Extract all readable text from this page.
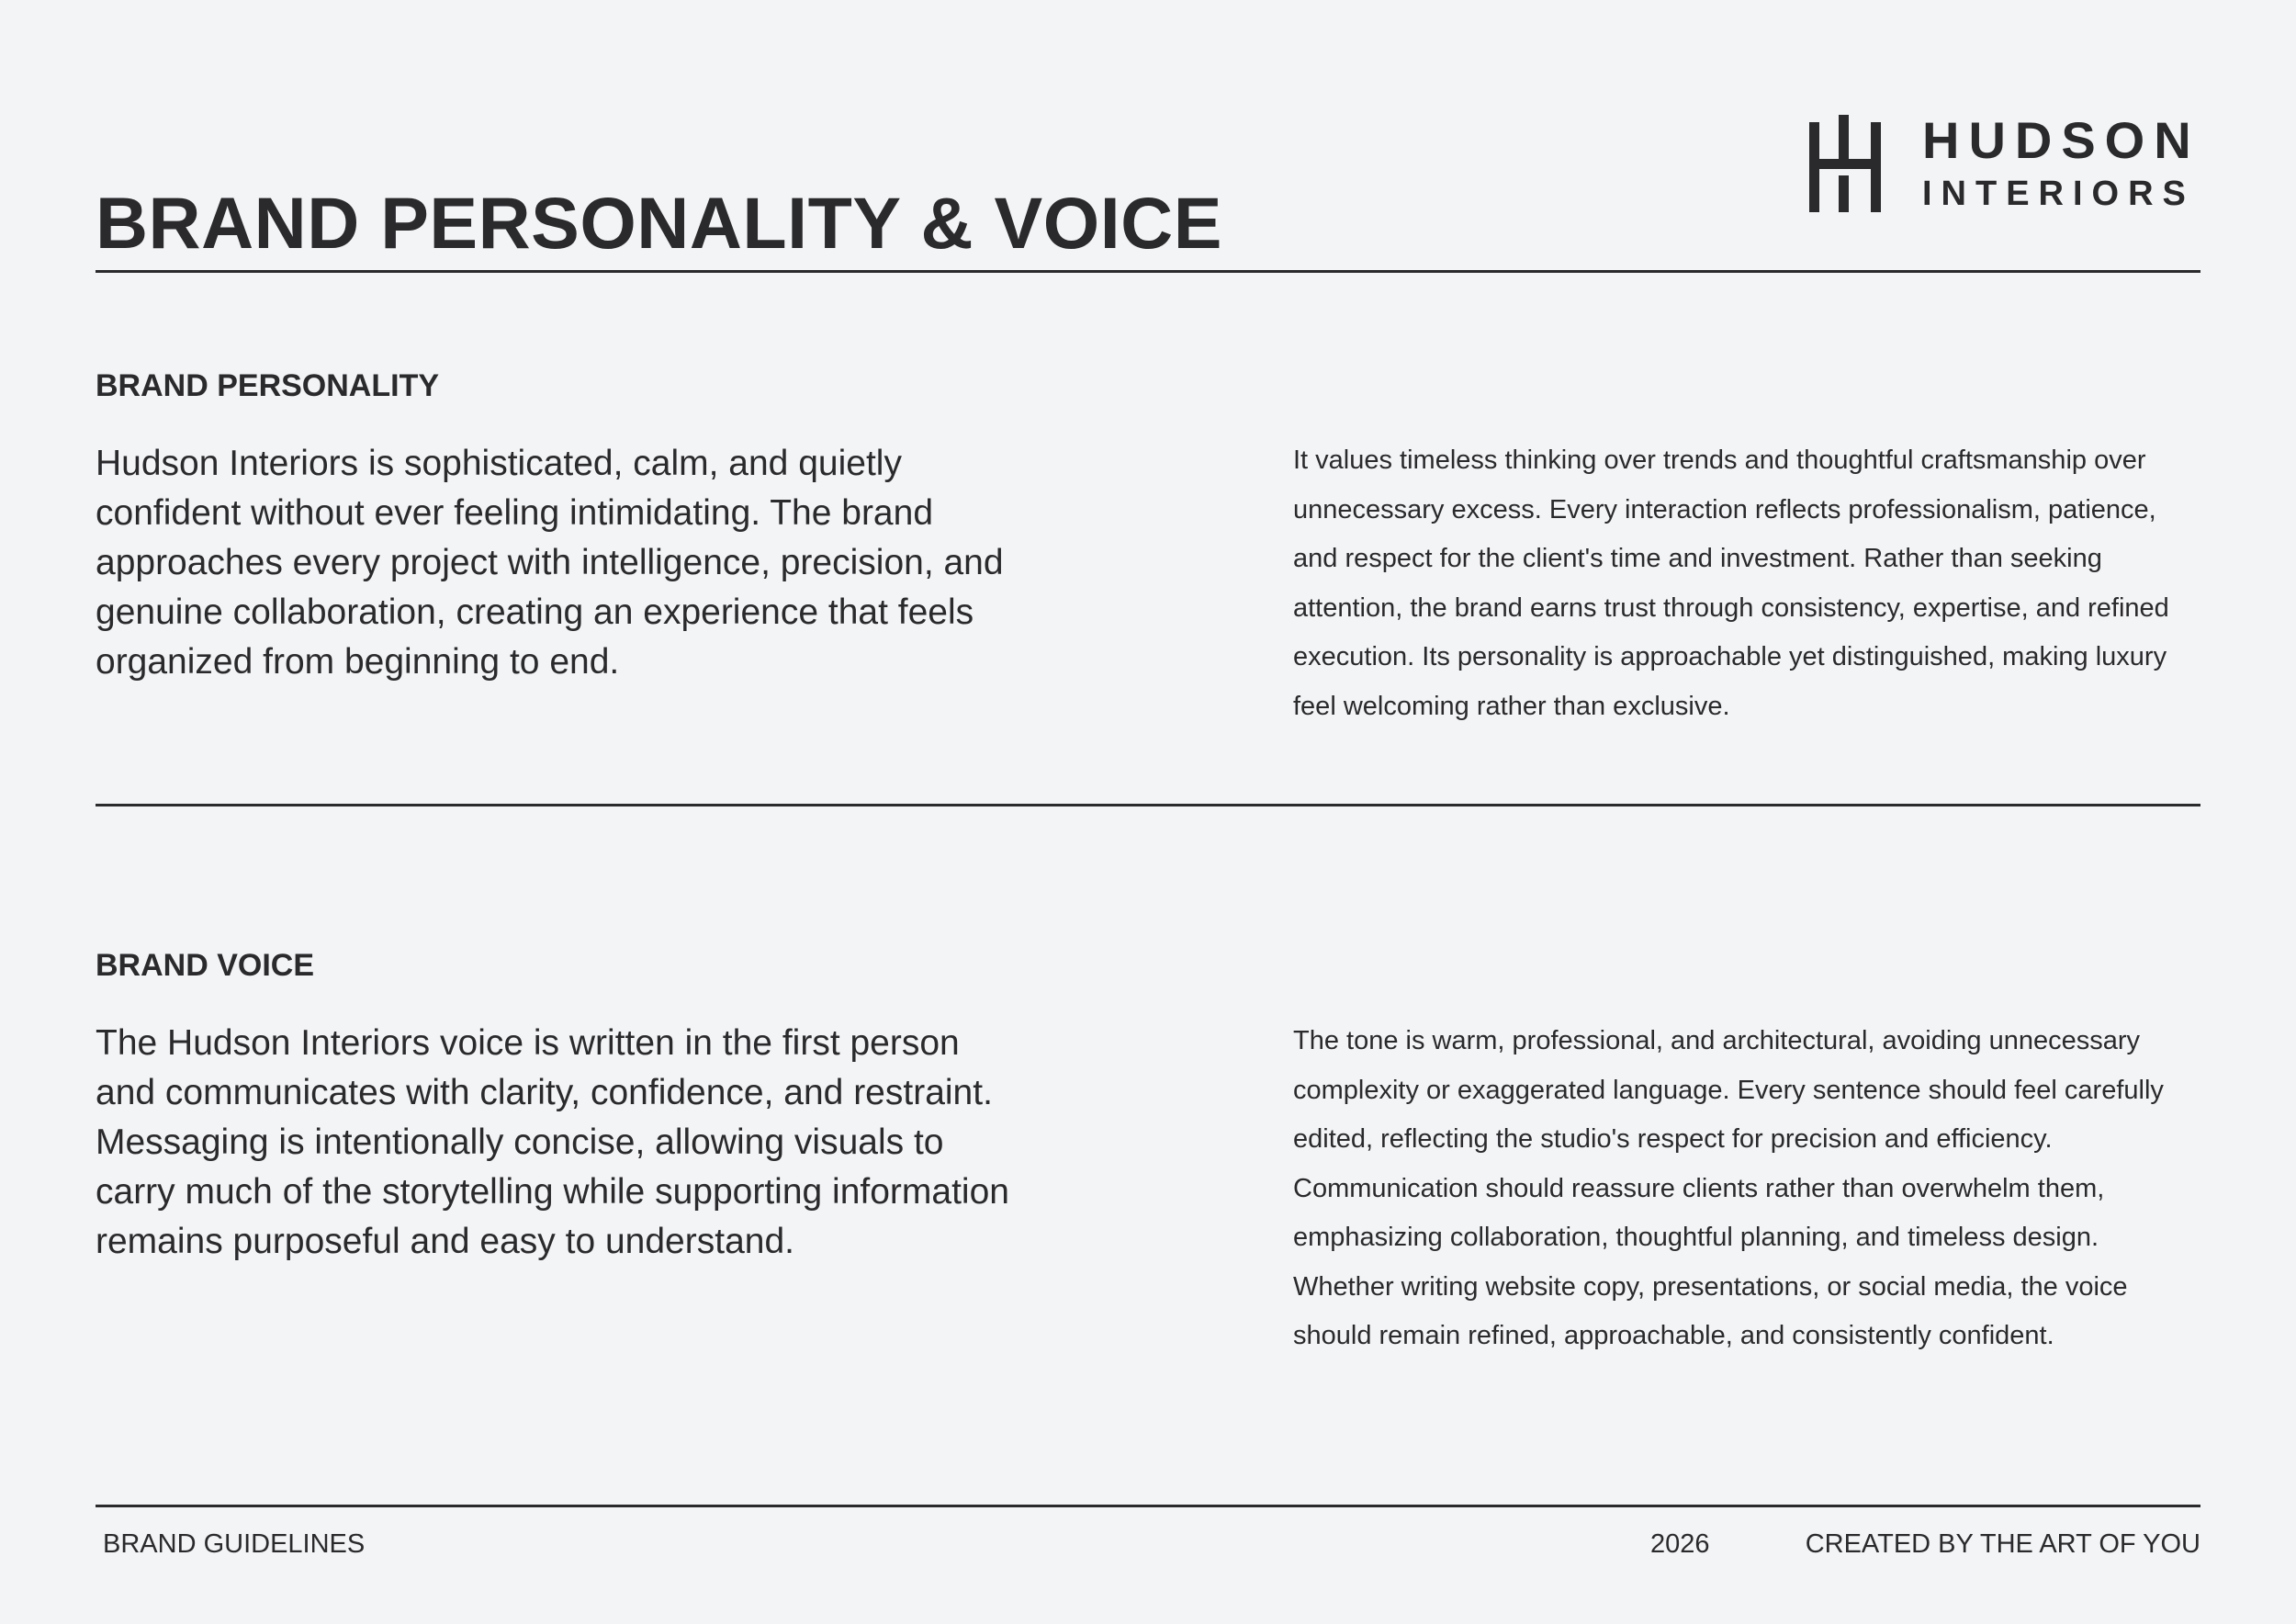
BRAND PERSONALITY & VOICE
HUDSON
INTERIORS
BRAND PERSONALITY

Hudson Interiors is sophisticated, calm, and quietly confident without ever feeling intimidating. The brand approaches every project with intelligence, precision, and genuine collaboration, creating an experience that feels organized from beginning to end.

It values timeless thinking over trends and thoughtful craftsmanship over unnecessary excess. Every interaction reflects professionalism, patience, and respect for the client's time and investment. Rather than seeking attention, the brand earns trust through consistency, expertise, and refined execution. Its personality is approachable yet distinguished, making luxury feel welcoming rather than exclusive.

BRAND VOICE

The Hudson Interiors voice is written in the first person and communicates with clarity, confidence, and restraint. Messaging is intentionally concise, allowing visuals to carry much of the storytelling while supporting information remains purposeful and easy to understand.

The tone is warm, professional, and architectural, avoiding unnecessary complexity or exaggerated language. Every sentence should feel carefully edited, reflecting the studio's respect for precision and efficiency. Communication should reassure clients rather than overwhelm them, emphasizing collaboration, thoughtful planning, and timeless design. Whether writing website copy, presentations, or social media, the voice should remain refined, approachable, and consistently confident.

BRAND GUIDELINES	2026	CREATED BY THE ART OF YOU
